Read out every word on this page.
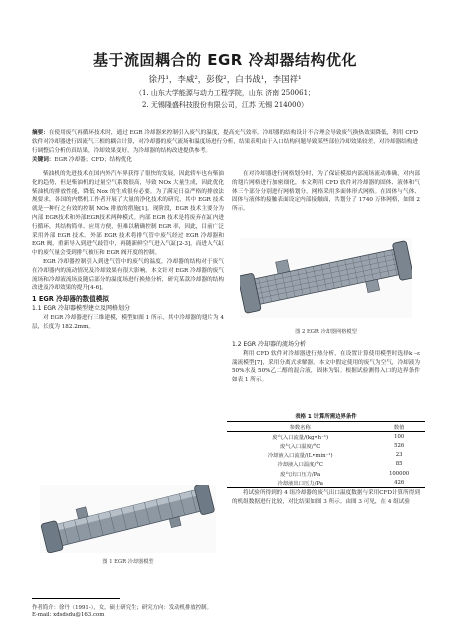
基于流固耦合的 EGR 冷却器结构优化
徐丹¹，李威²，彭俊²，白书战¹，李国祥¹
（1. 山东大学能源与动力工程学院，山东 济南 250061；
2. 无锡隆盛科技股份有限公司，江苏 无锡 214000）
摘要：在使用废气再循环技术时，通过 EGR 冷却器来控制引入废气的温度，提高充气效率。冷却器的结构设计不合理会导致废气换热效果降低，利用 CFD 软件对冷却器进行固流气三相的耦合计算，对冷却器的废气流场和温度场进行分析，结果表明由于入口结构问题导致某些部位冷却效果较差，对冷却器结构进行调整后分析仿真结果，冷却效果变好，为冷却器的结构改进提供参考。
关键词：EGR 冷却器；CFD；结构优化

柴油机的先进技术在国内外汽车界获得了很快的发展，因此轿车也有柴油化的趋势，但是柴油机的过量空气系数很高，导致 NOx 大量生成，因此优化柴油机的排放性能，降低 Nox 的生成很有必要。为了满足日益严格的排放法规要求，各国的内燃机工作者开展了大量的净化技术的研究，其中 EGR 技术就是一种行之有效的控制 NOx 排放的措施[1]。现阶段，EGR 技术主要分为内部 EGR技术和外部EGR技术两种模式。内部 EGR 技术是将废弃在缸内进行循环，其结构简单、应用方便，但难以精确控制 EGR 率，因此，目前广泛采用外部 EGR 技术。外部 EGR 技术将排气管中废气经过 EGR 冷却器和 EGR 阀，重新导入到进气歧管中，再随新鲜空气进入气缸[2-3]，而进入气缸中的废气量会受到排气被压和 EGR 阀开度的控制。

EGR 冷却器控制引入到进气管中的废气的温度，冷却器的结构对于废气在冷却器内的流动情况及冷却效果有很大影响。本文针对 EGR 冷却器的废气流场和冷却液流场及随后部分的温度场进行换热分析，研究某款冷却器的结构改进及冷却效果的提升[4-6]。

1 EGR 冷却器的数值模拟
1.1 EGR 冷却器模型建立及网格划分

对 EGR 冷却器进行三维建模，模型如图 1 所示，其中冷却器的翅片为 4 层，长度为 182.2mm。

图 1 EGR 冷却器模型

在对冷却器进行网格划分时，为了保证模拟内部流场流动准确，对内部的翅片网格进行加密细化，本文利用 CFD 软件对冷却器的固体、液体和气体三个部分分别进行网格划分，网格采用多面体形式网格。在固体与气体、固体与液体的接触表面设定内部接触面，共划分了 1740 万体网格，如图 2 所示。

图 2 EGR 冷却器网格模型
1.2 EGR 冷却器的流场分析

利用 CFD 软件对冷却器进行热分析，在设置计算使用模型时选择k –ε 湍流模型[7]，采用分离式求解器。本文中假定使用的废气为空气，冷却液为 50%水及 50%乙二醇的混合液，固体为铝。根据试验测得入口的边界条件如表 1 所示。

表格 1 计算所需边界条件
参数名称	数值
废气入口流量/(kg•h⁻¹)	100
废气入口温度/°C	526
冷却液入口流量/(L•min⁻¹)	23
冷却液入口温度/°C	85
废气出口压力/Pa	100000
冷却液出口压力/Pa	426

将试验所得到的 4 组冷却器的废气出口温度数据与采用CFD计算所得到的机组数据进行比较，对比结果如图 3 所示。由图 3 可见，在 4 组试验

作者简介：徐丹（1991-），女，硕士研究生；研究方向：发动机排放控制。
E-mail: xdsdsdu@163.com
